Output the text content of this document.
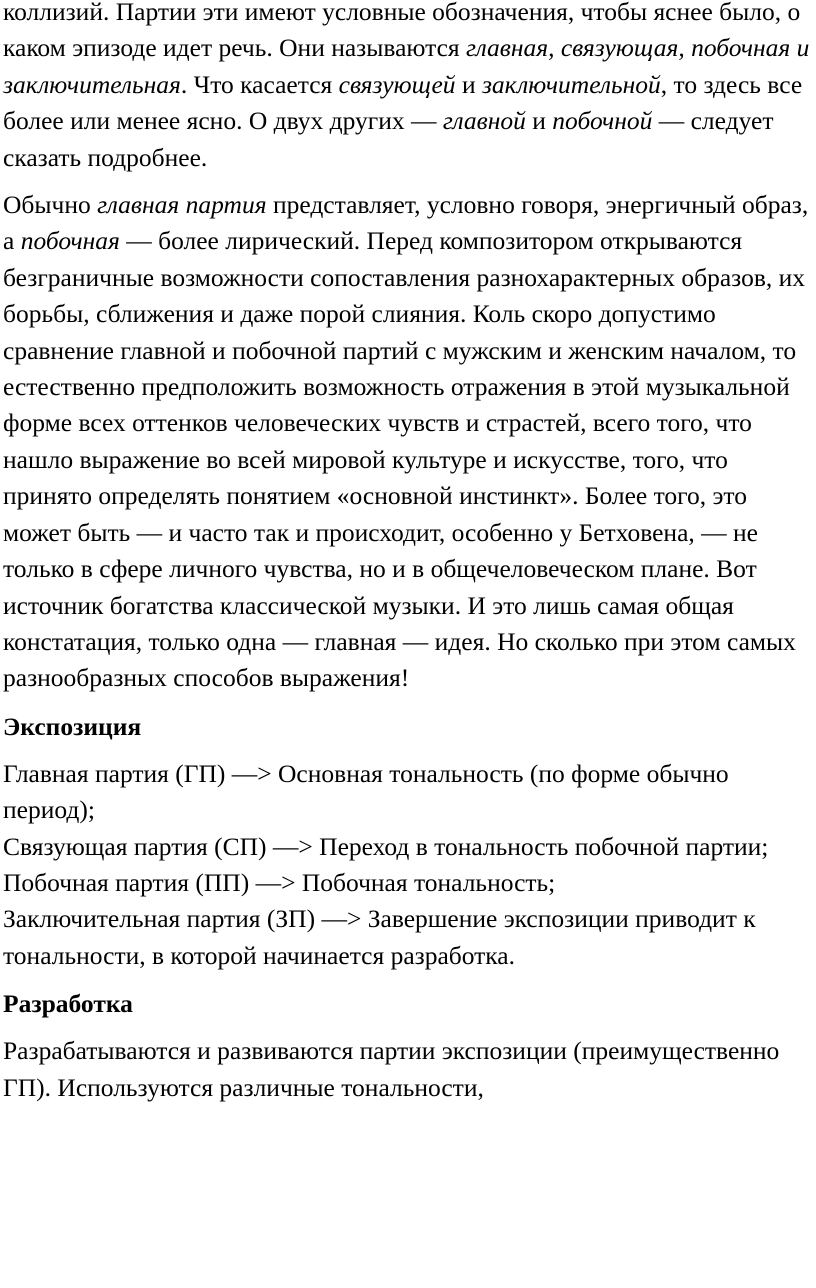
коллизий. Партии эти имеют условные обозначения, чтобы яснее было, о каком эпизоде идет речь. Они называются главная, связующая, побочная и заключительная. Что касается связующей и заключительной, то здесь все более или менее ясно. О двух других — главной и побочной — следует сказать подробнее.

Обычно главная партия представляет, условно говоря, энергичный образ, а побочная — более лирический. Перед композитором открываются безграничные возможности сопоставления разнохарактерных образов, их борьбы, сближения и даже порой слияния. Коль скоро допустимо сравнение главной и побочной партий с мужским и женским началом, то естественно предположить возможность отражения в этой музыкальной форме всех оттенков человеческих чувств и страстей, всего того, что нашло выражение во всей мировой культуре и искусстве, того, что принято определять понятием «основной инстинкт». Более того, это может быть — и часто так и происходит, особенно у Бетховена, — не только в сфере личного чувства, но и в общечеловеческом плане. Вот источник богатства классической музыки. И это лишь самая общая констатация, только одна — главная — идея. Но сколько при этом самых разнообразных способов выражения!

Экспозиция

Главная партия (ГП) —> Основная тональность (по форме обычно период);
Связующая партия (СП) —> Переход в тональность побочной партии;
Побочная партия (ПП) —> Побочная тональность;
Заключительная партия (ЗП) —> Завершение экспозиции приводит к тональности, в которой начинается разработка.

Разработка

Разрабатываются и развиваются партии экспозиции (преимущественно ГП). Используются различные тональности,
